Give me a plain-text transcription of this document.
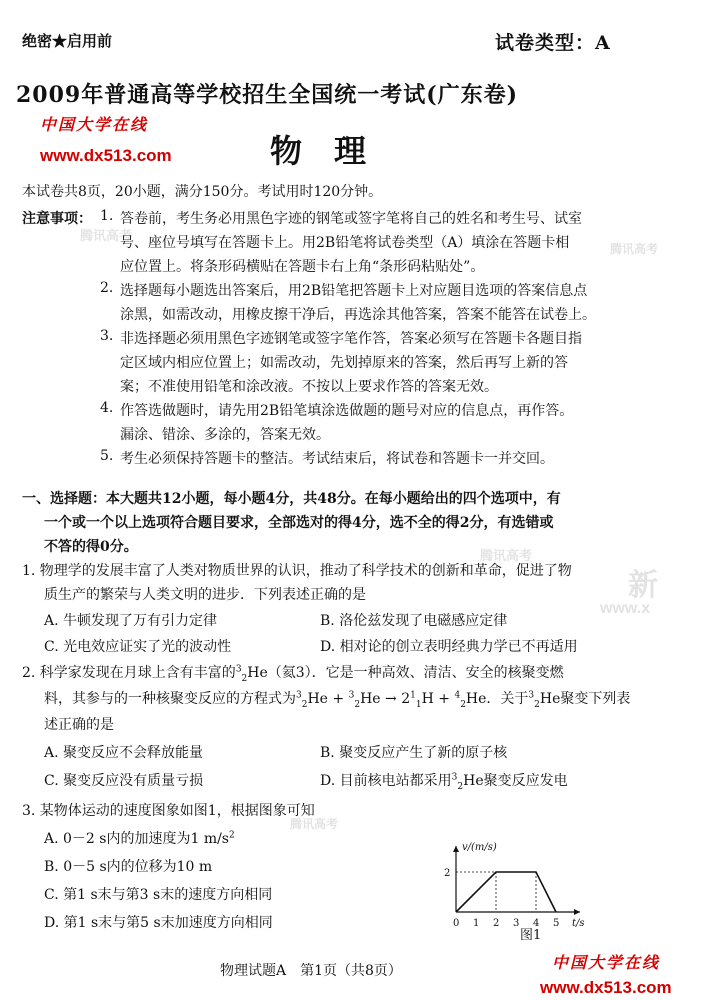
绝密★启用前	试卷类型：A
2009年普通高等学校招生全国统一考试(广东卷)
中国大学在线
www.dx513.com	物理
腾讯高考
腾讯高考
腾讯高考
www.x
新
腾讯高考
本试卷共8页，20小题，满分150分。考试用时120分钟。
注意事项： 1. 答卷前，考生务必用黑色字迹的钢笔或签字笔将自己的姓名和考生号、试室
号、座位号填写在答题卡上。用2B铅笔将试卷类型（A）填涂在答题卡相
应位置上。将条形码横贴在答题卡右上角“条形码粘贴处”。
2. 选择题每小题选出答案后，用2B铅笔把答题卡上对应题目选项的答案信息点
涂黑，如需改动，用橡皮擦干净后，再选涂其他答案，答案不能答在试卷上。
3. 非选择题必须用黑色字迹钢笔或签字笔作答，答案必须写在答题卡各题目指
定区域内相应位置上；如需改动，先划掉原来的答案，然后再写上新的答
案；不准使用铅笔和涂改液。不按以上要求作答的答案无效。
4. 作答选做题时，请先用2B铅笔填涂选做题的题号对应的信息点，再作答。
漏涂、错涂、多涂的，答案无效。
5. 考生必须保持答题卡的整洁。考试结束后，将试卷和答题卡一并交回。
一、选择题：本大题共12小题，每小题4分，共48分。在每小题给出的四个选项中，有
一个或一个以上选项符合题目要求，全部选对的得4分，选不全的得2分，有选错或
不答的得0分。
1. 物理学的发展丰富了人类对物质世界的认识，推动了科学技术的创新和革命，促进了物
质生产的繁荣与人类文明的进步．下列表述正确的是
A. 牛顿发现了万有引力定律	B. 洛伦兹发现了电磁感应定律
C. 光电效应证实了光的波动性	D. 相对论的创立表明经典力学已不再适用
2. 科学家发现在月球上含有丰富的$^3_2$He（氦3）．它是一种高效、清洁、安全的核聚变燃
料，其参与的一种核聚变反应的方程式为$^3_2He + ^3_2He \to 2^1_1H + ^4_2He$．关于$^3_2$He聚变下列表
述正确的是
A. 聚变反应不会释放能量	B. 聚变反应产生了新的原子核
C. 聚变反应没有质量亏损	D. 目前核电站都采用$^3_2$He聚变反应发电
3. 某物体运动的速度图象如图1，根据图象可知
A. 0－2 s内的加速度为1 $m/s^2$
B. 0－5 s内的位移为10 m
C. 第1 s末与第3 s末的速度方向相同
D. 第1 s末与第5 s末加速度方向相同
v/(m/s)
t/s
0 1 2 3 4 5
2
图1
物理试题A　第1页（共8页）	中国大学在线
www.dx513.com
